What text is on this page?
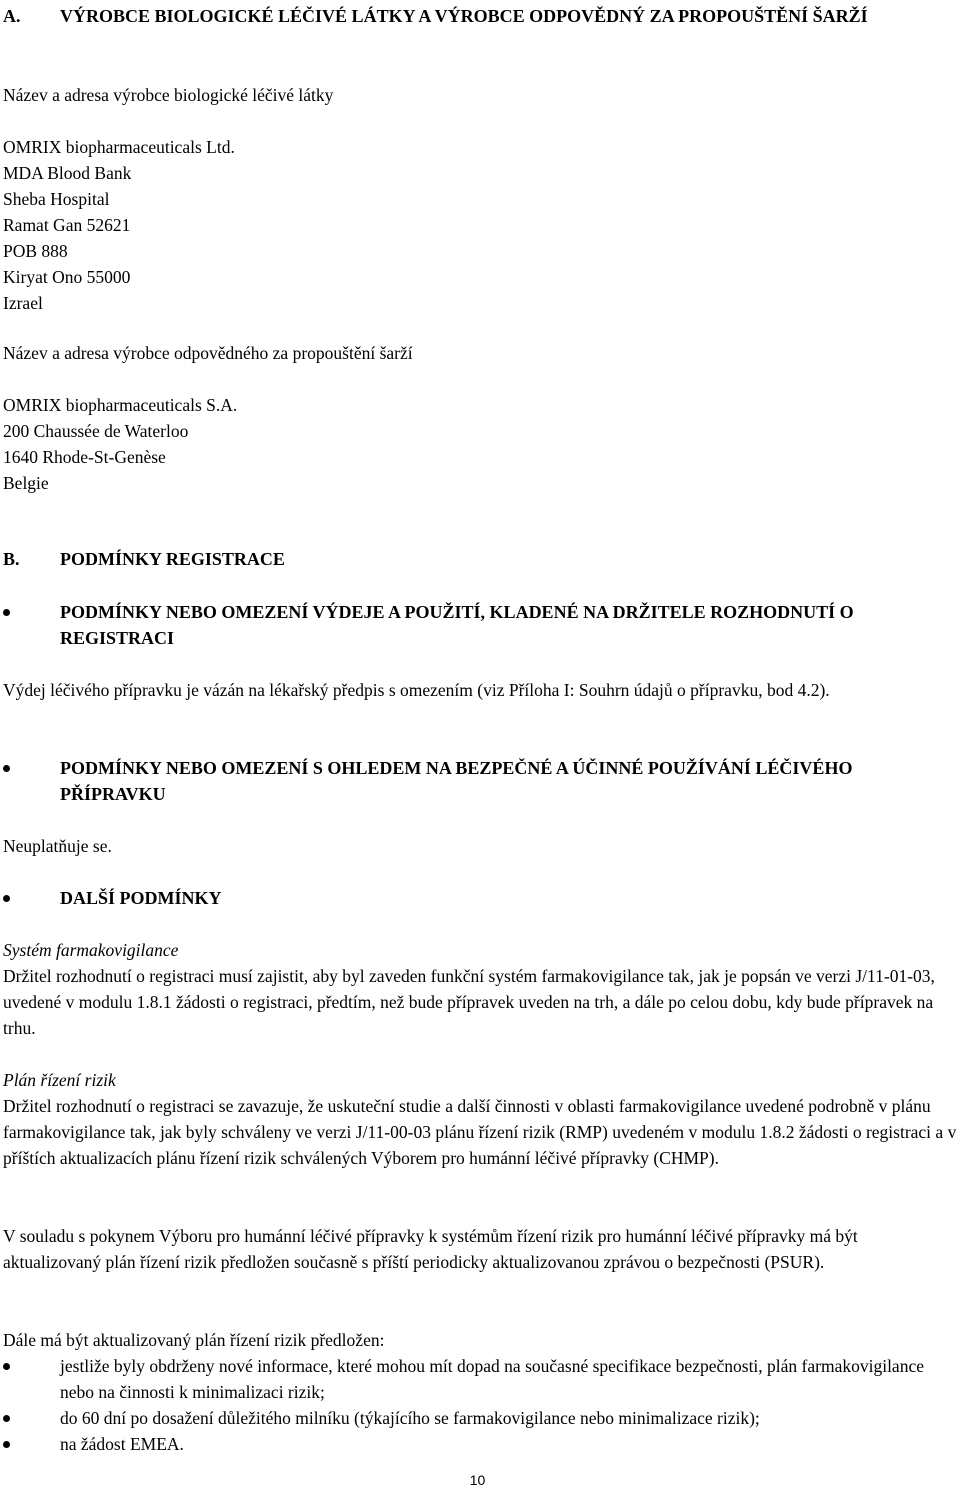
A. VÝROBCE BIOLOGICKÉ LÉČIVÉ LÁTKY A VÝROBCE ODPOVĚDNÝ ZA PROPOUŠTĚNÍ ŠARŽÍ

Název a adresa výrobce biologické léčivé látky

OMRIX biopharmaceuticals Ltd.

MDA Blood Bank

Sheba Hospital

Ramat Gan 52621

POB 888

Kiryat Ono 55000

Izrael

Název a adresa výrobce odpovědného za propouštění šarží

OMRIX biopharmaceuticals S.A.

200 Chaussée de Waterloo

1640 Rhode-St-Genèse

Belgie

B. PODMÍNKY REGISTRACE
PODMÍNKY NEBO OMEZENÍ VÝDEJE A POUŽITÍ, KLADENÉ NA DRŽITELE ROZHODNUTÍ O REGISTRACI

Výdej léčivého přípravku je vázán na lékařský předpis s omezením (viz Příloha I: Souhrn údajů o přípravku, bod 4.2).

PODMÍNKY NEBO OMEZENÍ S OHLEDEM NA BEZPEČNÉ A ÚČINNÉ POUŽÍVÁNÍ LÉČIVÉHO PŘÍPRAVKU

Neuplatňuje se.

DALŠÍ PODMÍNKY

Systém farmakovigilance

Držitel rozhodnutí o registraci musí zajistit, aby byl zaveden funkční systém farmakovigilance tak, jak je popsán ve verzi J/11-01-03, uvedené v modulu 1.8.1 žádosti o registraci, předtím, než bude přípravek uveden na trh, a dále po celou dobu, kdy bude přípravek na trhu.

Plán řízení rizik

Držitel rozhodnutí o registraci se zavazuje, že uskuteční studie a další činnosti v oblasti farmakovigilance uvedené podrobně v plánu farmakovigilance tak, jak byly schváleny ve verzi J/11-00-03 plánu řízení rizik (RMP) uvedeném v modulu 1.8.2 žádosti o registraci a v příštích aktualizacích plánu řízení rizik schválených Výborem pro humánní léčivé přípravky (CHMP).

V souladu s pokynem Výboru pro humánní léčivé přípravky k systémům řízení rizik pro humánní léčivé přípravky má být aktualizovaný plán řízení rizik předložen současně s příští periodicky aktualizovanou zprávou o bezpečnosti (PSUR).

Dále má být aktualizovaný plán řízení rizik předložen:

jestliže byly obdrženy nové informace, které mohou mít dopad na současné specifikace bezpečnosti, plán farmakovigilance nebo na činnosti k minimalizaci rizik;
do 60 dní po dosažení důležitého milníku (týkajícího se farmakovigilance nebo minimalizace rizik);
na žádost EMEA.
10
